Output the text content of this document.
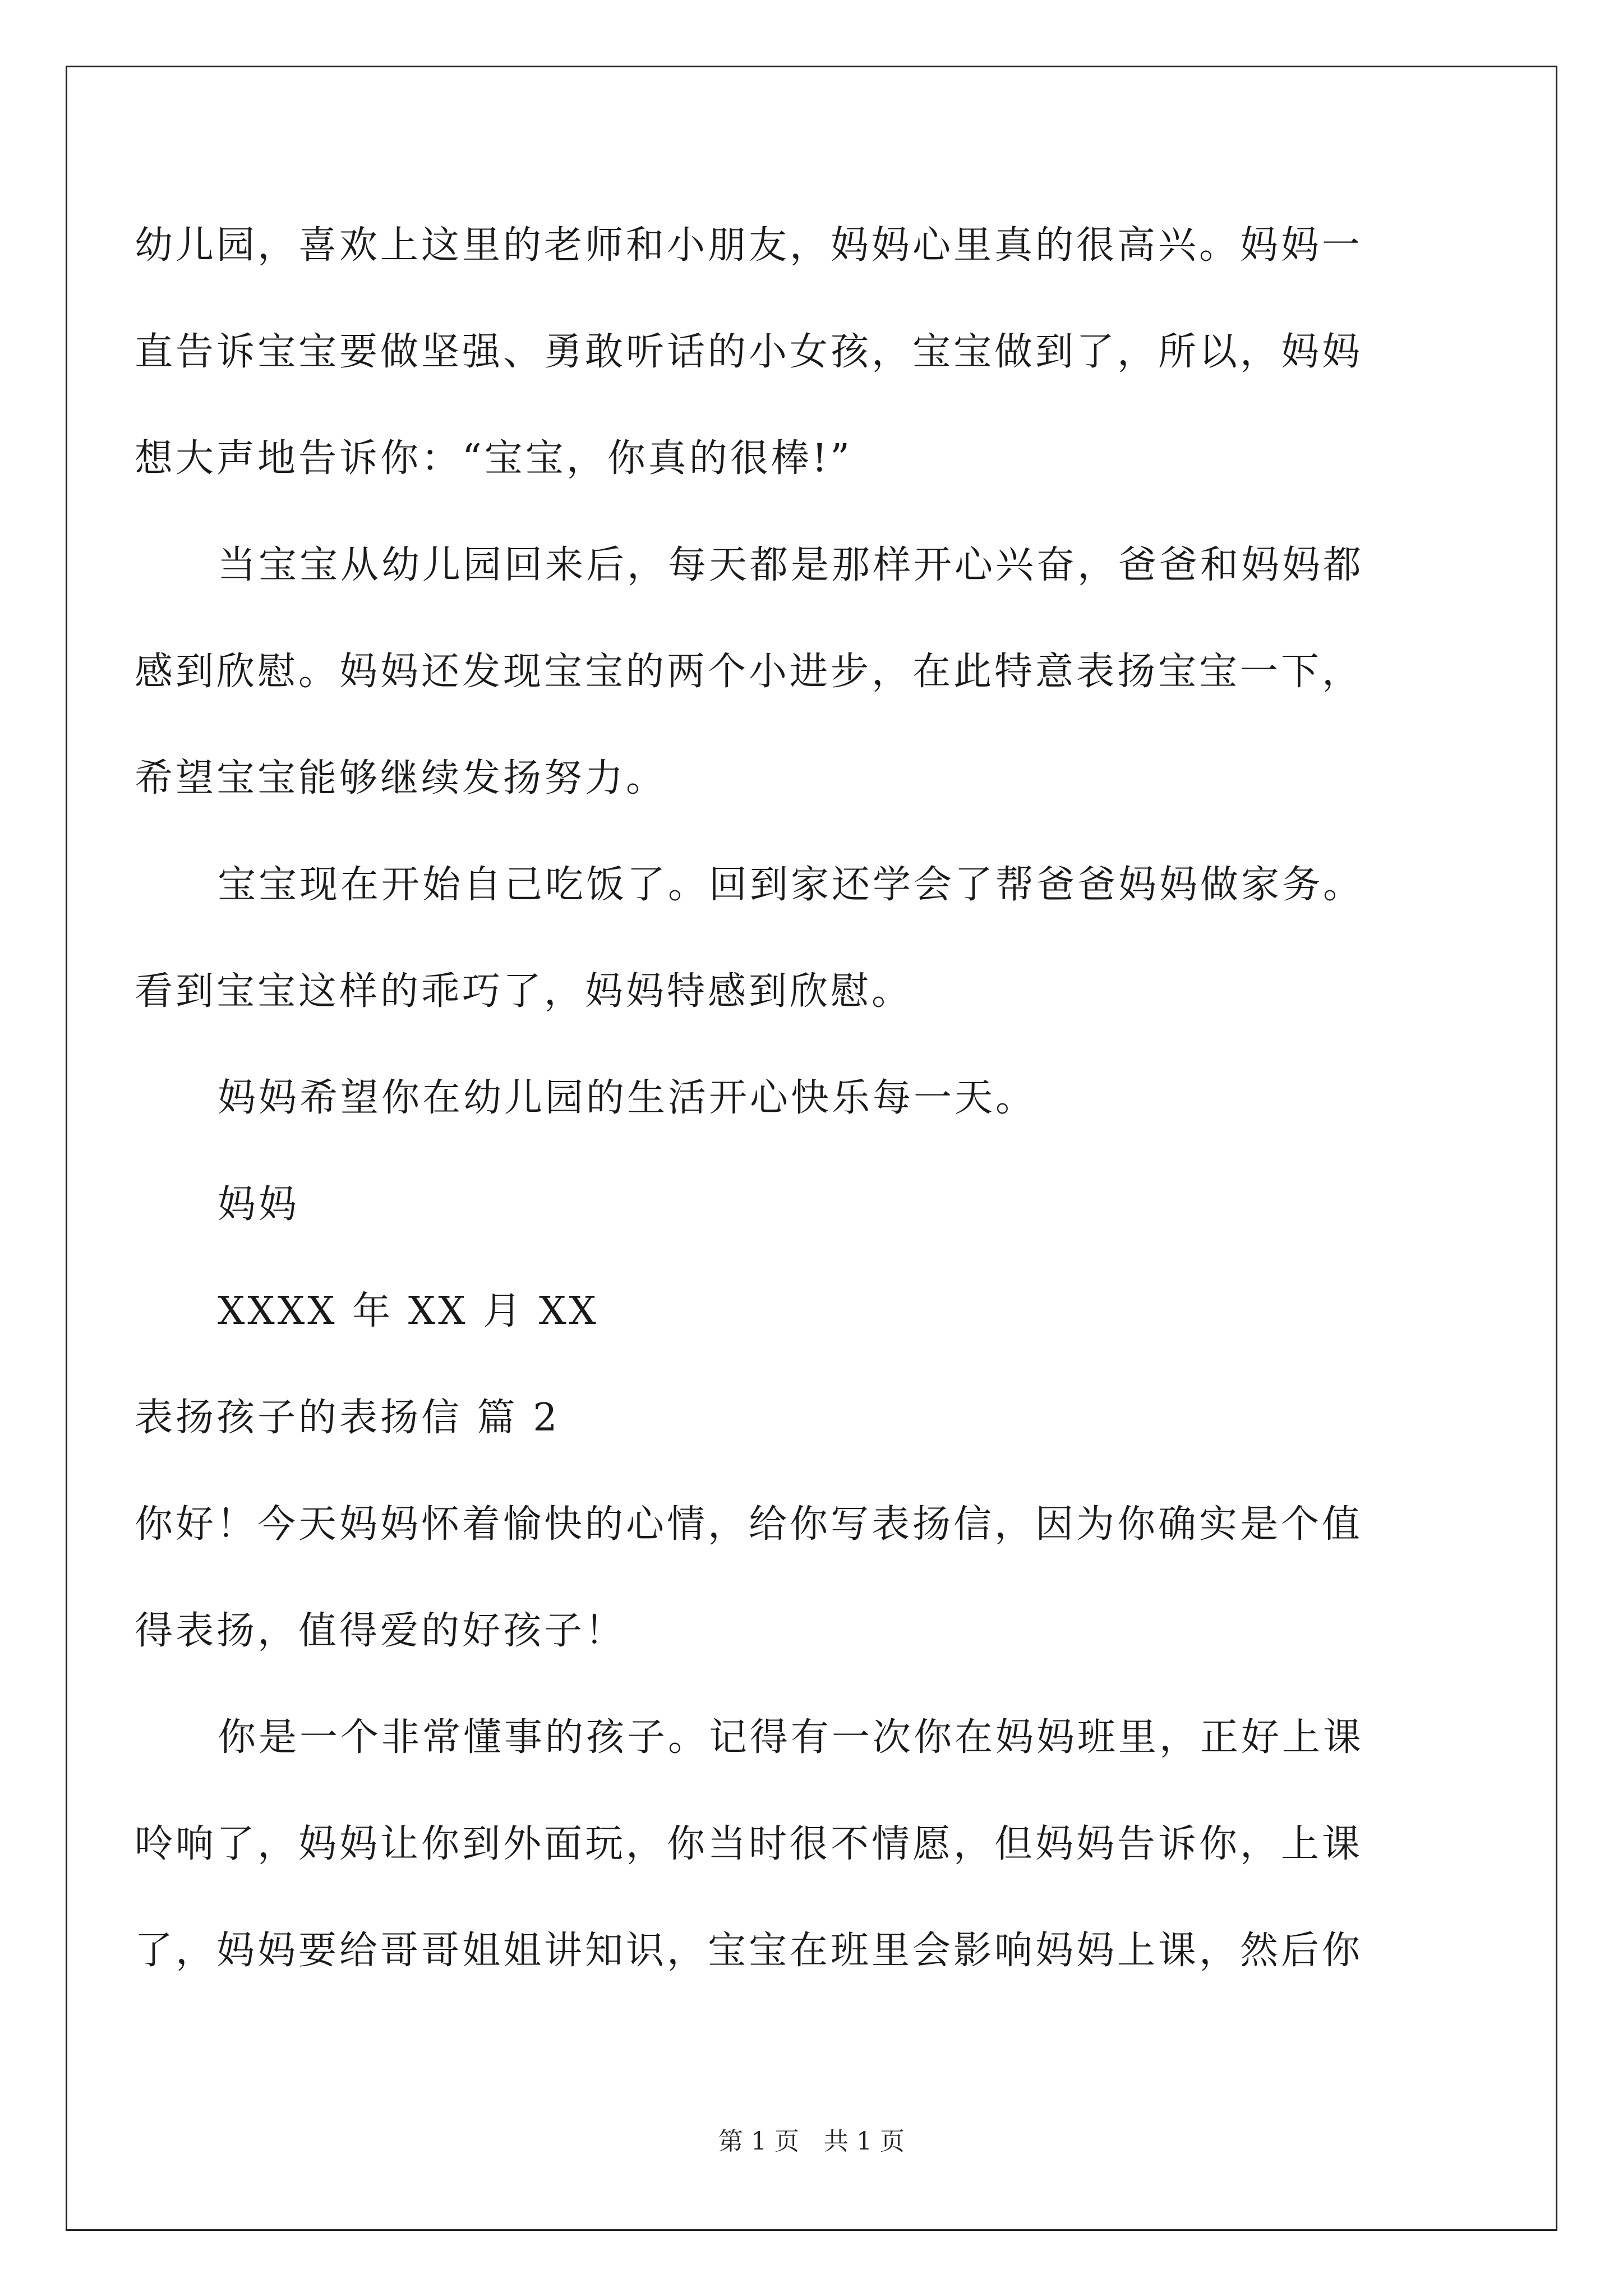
幼儿园，喜欢上这里的老师和小朋友，妈妈心里真的很高兴。妈妈一
直告诉宝宝要做坚强、勇敢听话的小女孩，宝宝做到了，所以，妈妈
想大声地告诉你：“宝宝，你真的很棒!”
当宝宝从幼儿园回来后，每天都是那样开心兴奋，爸爸和妈妈都
感到欣慰。妈妈还发现宝宝的两个小进步，在此特意表扬宝宝一下，
希望宝宝能够继续发扬努力。
宝宝现在开始自己吃饭了。回到家还学会了帮爸爸妈妈做家务。
看到宝宝这样的乖巧了，妈妈特感到欣慰。
妈妈希望你在幼儿园的生活开心快乐每一天。
妈妈
XXXX 年 XX 月 XX
表扬孩子的表扬信 篇 2
你好！今天妈妈怀着愉快的心情，给你写表扬信，因为你确实是个值
得表扬，值得爱的好孩子！
你是一个非常懂事的孩子。记得有一次你在妈妈班里，正好上课
呤响了，妈妈让你到外面玩，你当时很不情愿，但妈妈告诉你，上课
了，妈妈要给哥哥姐姐讲知识，宝宝在班里会影响妈妈上课，然后你
第 1 页　共 1 页
